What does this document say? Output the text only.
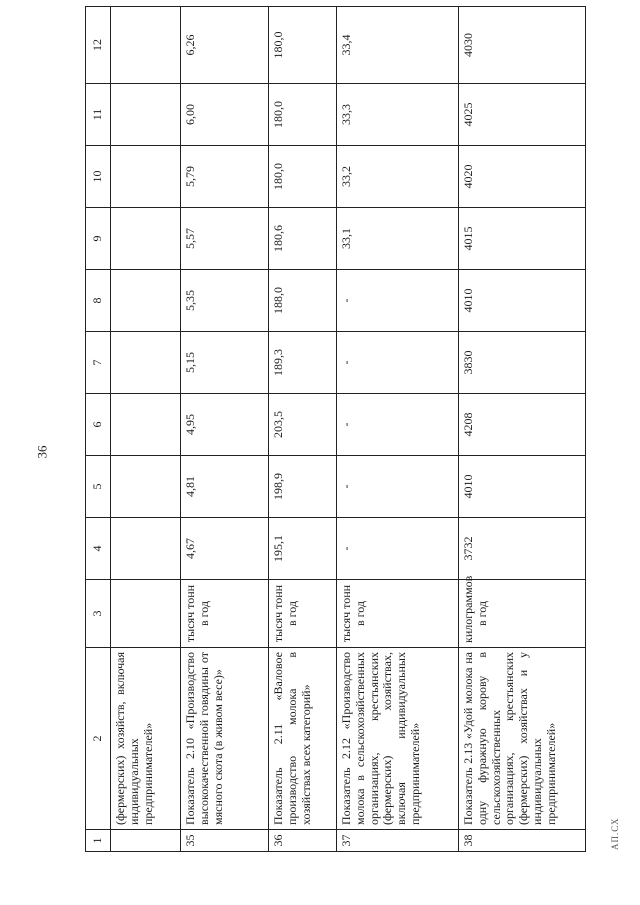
36
1	2	3	4	5	6	7	8	9	10	11	12
	(фермерских) хозяйств, включая индивидуальных предпринимателей»										
35	Показатель 2.10 «Производство высококачественной говядины от мясного скота (в живом весе)»	тысяч тонн в год	4,67	4,81	4,95	5,15	5,35	5,57	5,79	6,00	6,26
36	Показатель 2.11 «Валовое производство молока в хозяйствах всех категорий»	тысяч тонн в год	195,1	198,9	203,5	189,3	188,0	180,6	180,0	180,0	180,0
37	Показатель 2.12 «Производство молока в сельскохозяйственных организациях, крестьянских (фермерских) хозяйствах, включая индивидуальных предпринимателей»	тысяч тонн в год	-	-	-	-	-	33,1	33,2	33,3	33,4
38	Показатель 2.13 «Удой молока на одну фуражную корову в сельскохозяйственных организациях, крестьянских (фермерских) хозяйствах и у индивидуальных предпринимателей»	килограммов в год	3732	4010	4208	3830	4010	4015	4020	4025	4030
АП.СХ
